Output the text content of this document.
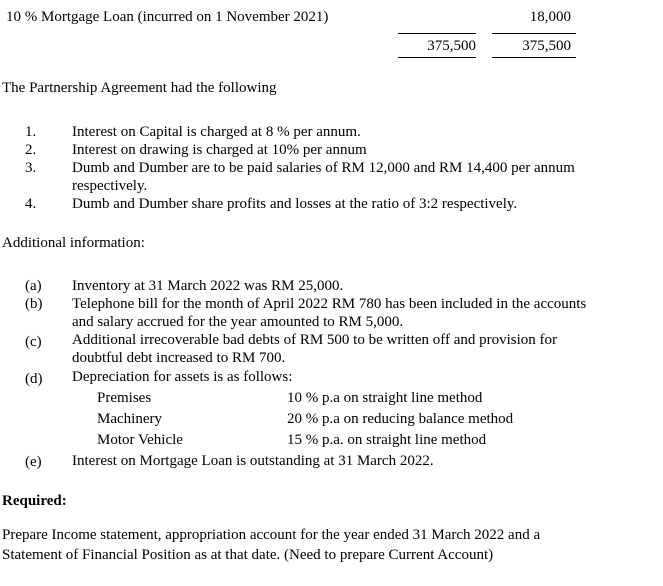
10 % Mortgage Loan (incurred on 1 November 2021)	18,000
375,500	375,500
The Partnership Agreement had the following
1. Interest on Capital is charged at 8 % per annum.
2. Interest on drawing is charged at 10% per annum
3. Dumb and Dumber are to be paid salaries of RM 12,000 and RM 14,400 per annum
respectively.
4. Dumb and Dumber share profits and losses at the ratio of 3:2 respectively.
Additional information:
(a) Inventory at 31 March 2022 was RM 25,000.
(b) Telephone bill for the month of April 2022 RM 780 has been included in the accounts
and salary accrued for the year amounted to RM 5,000.
(c) Additional irrecoverable bad debts of RM 500 to be written off and provision for
doubtful debt increased to RM 700.
(d) Depreciation for assets is as follows:
Premises	10 % p.a on straight line method
Machinery	20 % p.a on reducing balance method
Motor Vehicle	15 % p.a. on straight line method
(e) Interest on Mortgage Loan is outstanding at 31 March 2022.
Required:
Prepare Income statement, appropriation account for the year ended 31 March 2022 and a
Statement of Financial Position as at that date. (Need to prepare Current Account)
